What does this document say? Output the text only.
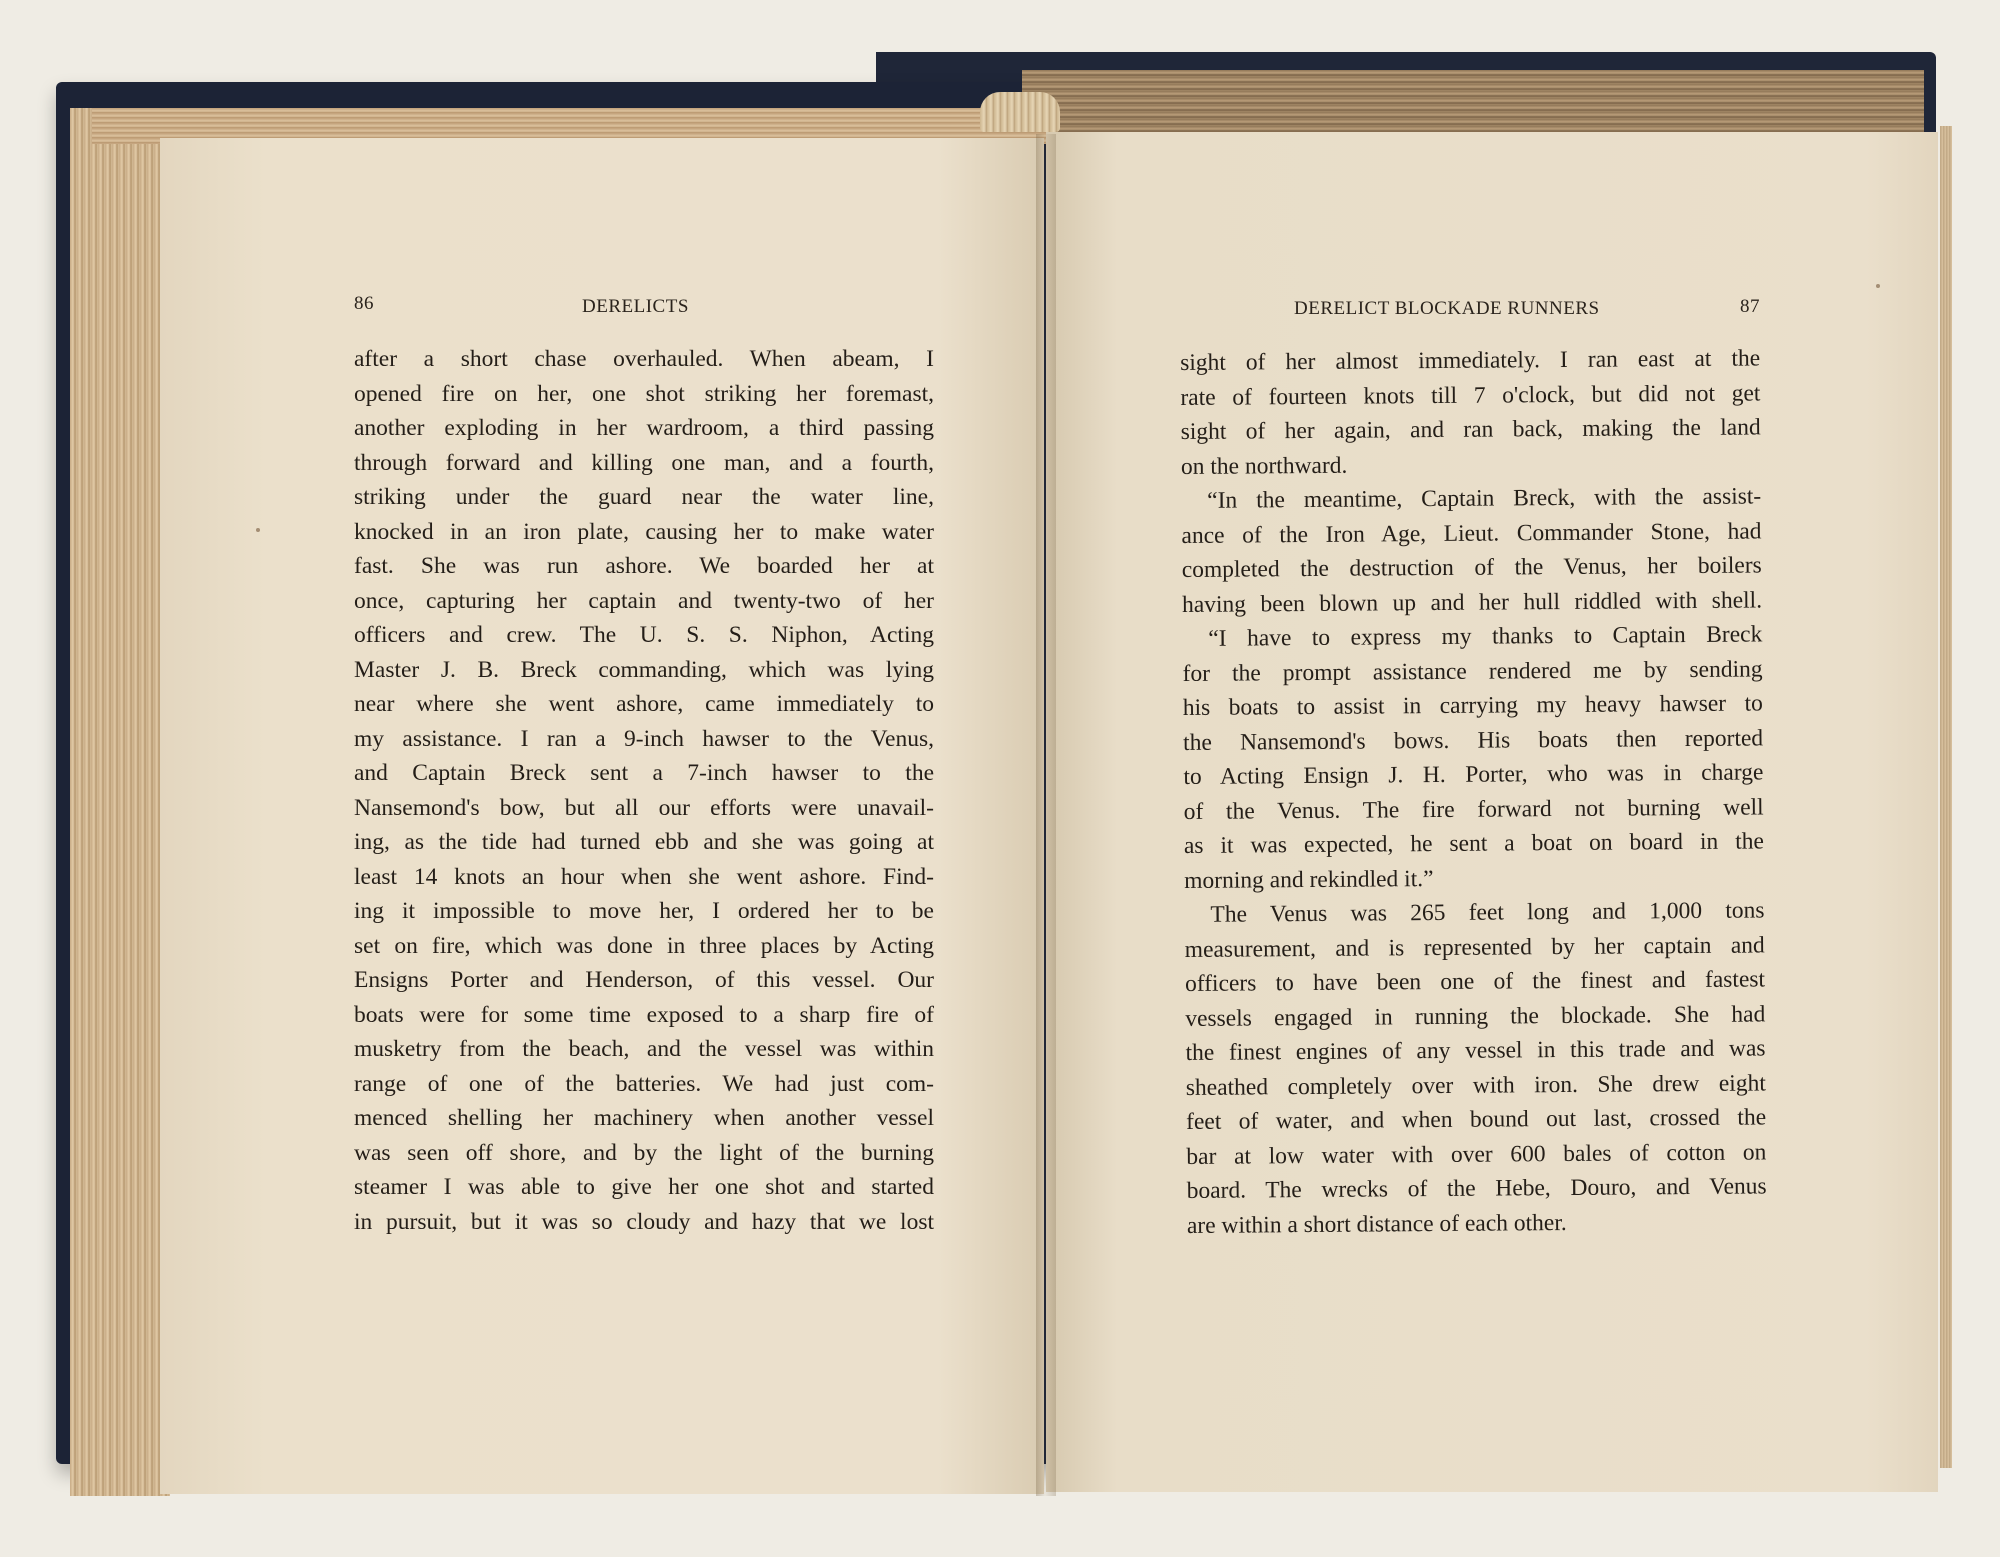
86	DERELICTS	DERELICT BLOCKADE RUNNERS	87
after a short chase overhauled. When abeam, I
opened fire on her, one shot striking her foremast,
another exploding in her wardroom, a third passing
through forward and killing one man, and a fourth,
striking under the guard near the water line,
knocked in an iron plate, causing her to make water
fast. She was run ashore. We boarded her at
once, capturing her captain and twenty-two of her
officers and crew. The U. S. S. Niphon, Acting
Master J. B. Breck commanding, which was lying
near where she went ashore, came immediately to
my assistance. I ran a 9-inch hawser to the Venus,
and Captain Breck sent a 7-inch hawser to the
Nansemond's bow, but all our efforts were unavail-
ing, as the tide had turned ebb and she was going at
least 14 knots an hour when she went ashore. Find-
ing it impossible to move her, I ordered her to be
set on fire, which was done in three places by Acting
Ensigns Porter and Henderson, of this vessel. Our
boats were for some time exposed to a sharp fire of
musketry from the beach, and the vessel was within
range of one of the batteries. We had just com-
menced shelling her machinery when another vessel
was seen off shore, and by the light of the burning
steamer I was able to give her one shot and started
in pursuit, but it was so cloudy and hazy that we lost
sight of her almost immediately. I ran east at the
rate of fourteen knots till 7 o'clock, but did not get
sight of her again, and ran back, making the land
on the northward.
“In the meantime, Captain Breck, with the assist-
ance of the Iron Age, Lieut. Commander Stone, had
completed the destruction of the Venus, her boilers
having been blown up and her hull riddled with shell.
“I have to express my thanks to Captain Breck
for the prompt assistance rendered me by sending
his boats to assist in carrying my heavy hawser to
the Nansemond's bows. His boats then reported
to Acting Ensign J. H. Porter, who was in charge
of the Venus. The fire forward not burning well
as it was expected, he sent a boat on board in the
morning and rekindled it.”
The Venus was 265 feet long and 1,000 tons
measurement, and is represented by her captain and
officers to have been one of the finest and fastest
vessels engaged in running the blockade. She had
the finest engines of any vessel in this trade and was
sheathed completely over with iron. She drew eight
feet of water, and when bound out last, crossed the
bar at low water with over 600 bales of cotton on
board. The wrecks of the Hebe, Douro, and Venus
are within a short distance of each other.
